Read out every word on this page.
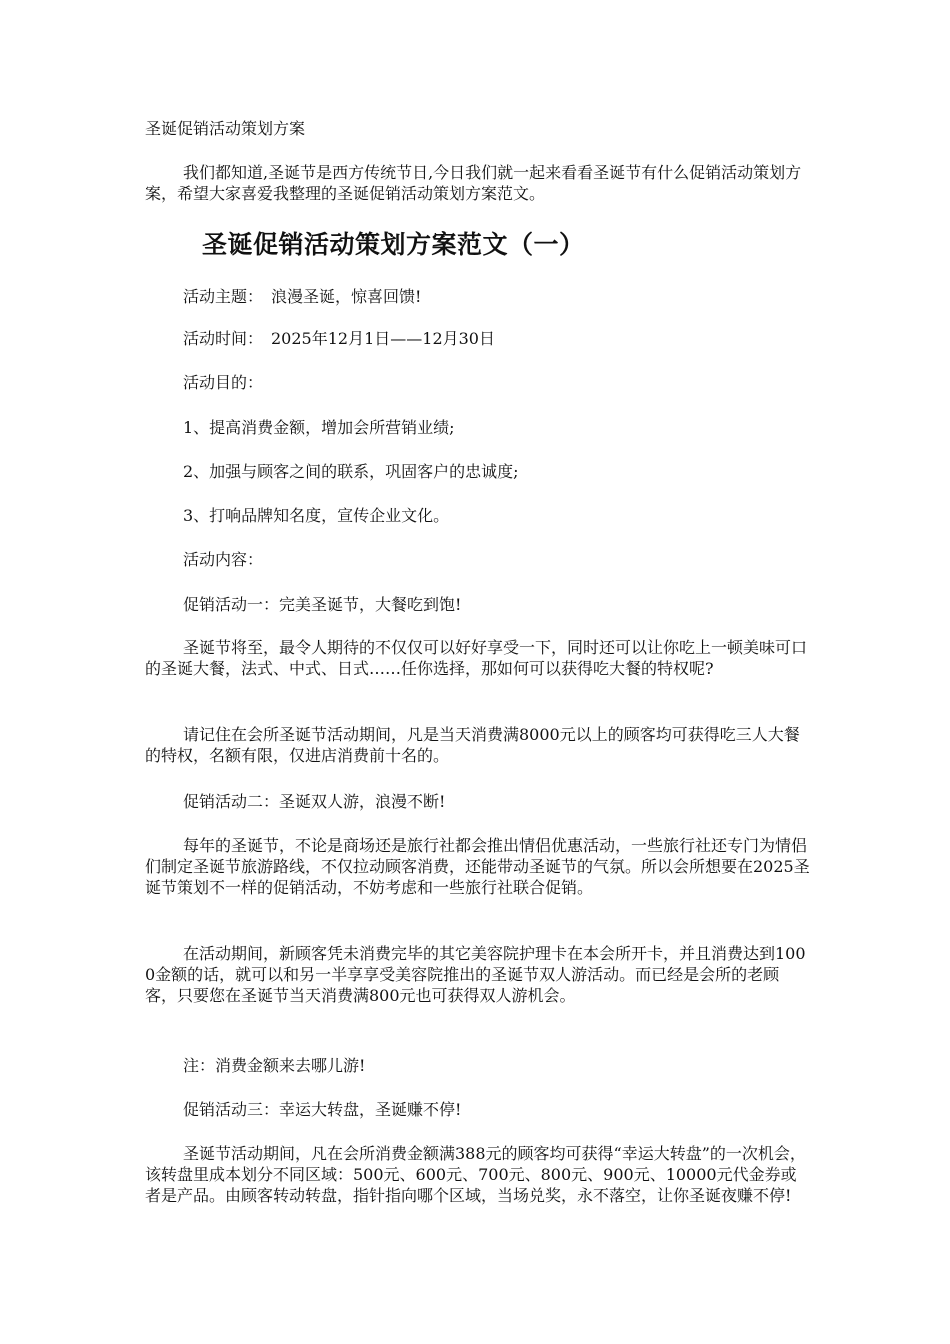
圣诞促销活动策划方案

我们都知道,圣诞节是西方传统节日,今日我们就一起来看看圣诞节有什么促销活动策划方案，希望大家喜爱我整理的圣诞促销活动策划方案范文。

圣诞促销活动策划方案范文（一）

活动主题：　浪漫圣诞，惊喜回馈!

活动时间：　2025年12月1日——12月30日

活动目的：

1、提高消费金额，增加会所营销业绩;

2、加强与顾客之间的联系，巩固客户的忠诚度;

3、打响品牌知名度，宣传企业文化。

活动内容：

促销活动一：完美圣诞节，大餐吃到饱!

圣诞节将至，最令人期待的不仅仅可以好好享受一下，同时还可以让你吃上一顿美味可口的圣诞大餐，法式、中式、日式……任你选择，那如何可以获得吃大餐的特权呢?

请记住在会所圣诞节活动期间，凡是当天消费满8000元以上的顾客均可获得吃三人大餐的特权，名额有限，仅进店消费前十名的。

促销活动二：圣诞双人游，浪漫不断!

每年的圣诞节，不论是商场还是旅行社都会推出情侣优惠活动，一些旅行社还专门为情侣们制定圣诞节旅游路线，不仅拉动顾客消费，还能带动圣诞节的气氛。所以会所想要在2025圣诞节策划不一样的促销活动，不妨考虑和一些旅行社联合促销。

在活动期间，新顾客凭未消费完毕的其它美容院护理卡在本会所开卡，并且消费达到1000金额的话，就可以和另一半享享受美容院推出的圣诞节双人游活动。而已经是会所的老顾客，只要您在圣诞节当天消费满800元也可获得双人游机会。

注：消费金额来去哪儿游!

促销活动三：幸运大转盘，圣诞赚不停!

圣诞节活动期间，凡在会所消费金额满388元的顾客均可获得“幸运大转盘”的一次机会，该转盘里成本划分不同区域：500元、600元、700元、800元、900元、10000元代金券或者是产品。由顾客转动转盘，指针指向哪个区域，当场兑奖，永不落空，让你圣诞夜赚不停!
